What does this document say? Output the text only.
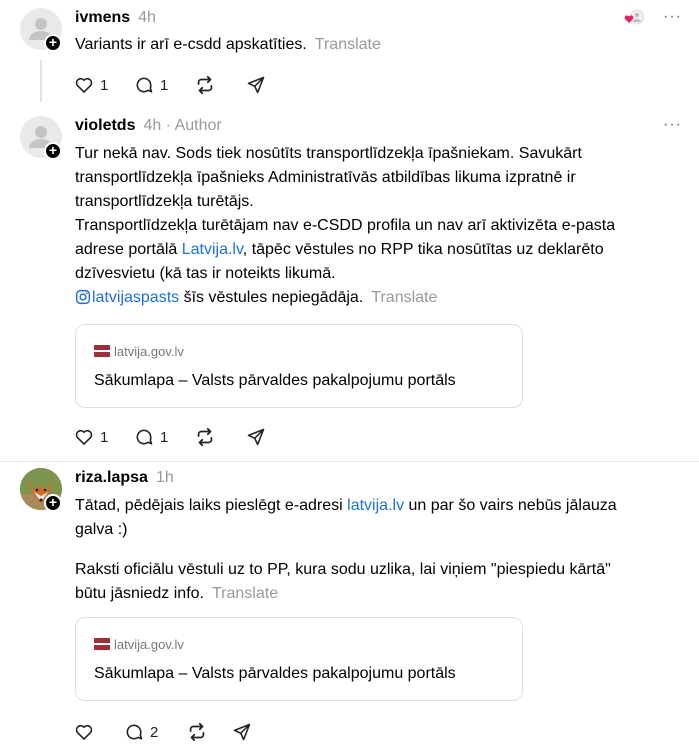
+
ivmens 4h	···

Variants ir arī e-csdd apskatīties. Translate

1	1
+
violetds 4h · Author	···

Tur nekā nav. Sods tiek nosūtīts transportlīdzekļa īpašniekam. Savukārt transportlīdzekļa īpašnieks Administratīvās atbildības likuma izpratnē ir transportlīdzekļa turētājs.

Transportlīdzekļa turētājam nav e-CSDD profila un nav arī aktivizēta e-pasta adrese portālā Latvija.lv, tāpēc vēstules no RPP tika nosūtītas uz deklarēto dzīvesvietu (kā tas ir noteikts likumā.

latvijaspasts šīs vēstules nepiegādāja. Translate

latvija.gov.lv
Sākumlapa – Valsts pārvaldes pakalpojumu portāls
1	1
+
riza.lapsa 1h

Tātad, pēdējais laiks pieslēgt e-adresi latvija.lv un par šo vairs nebūs jālauza galva :)

Raksti oficiālu vēstuli uz to PP, kura sodu uzlika, lai viņiem "piespiedu kārtā" būtu jāsniedz info. Translate

latvija.gov.lv
Sākumlapa – Valsts pārvaldes pakalpojumu portāls
2
